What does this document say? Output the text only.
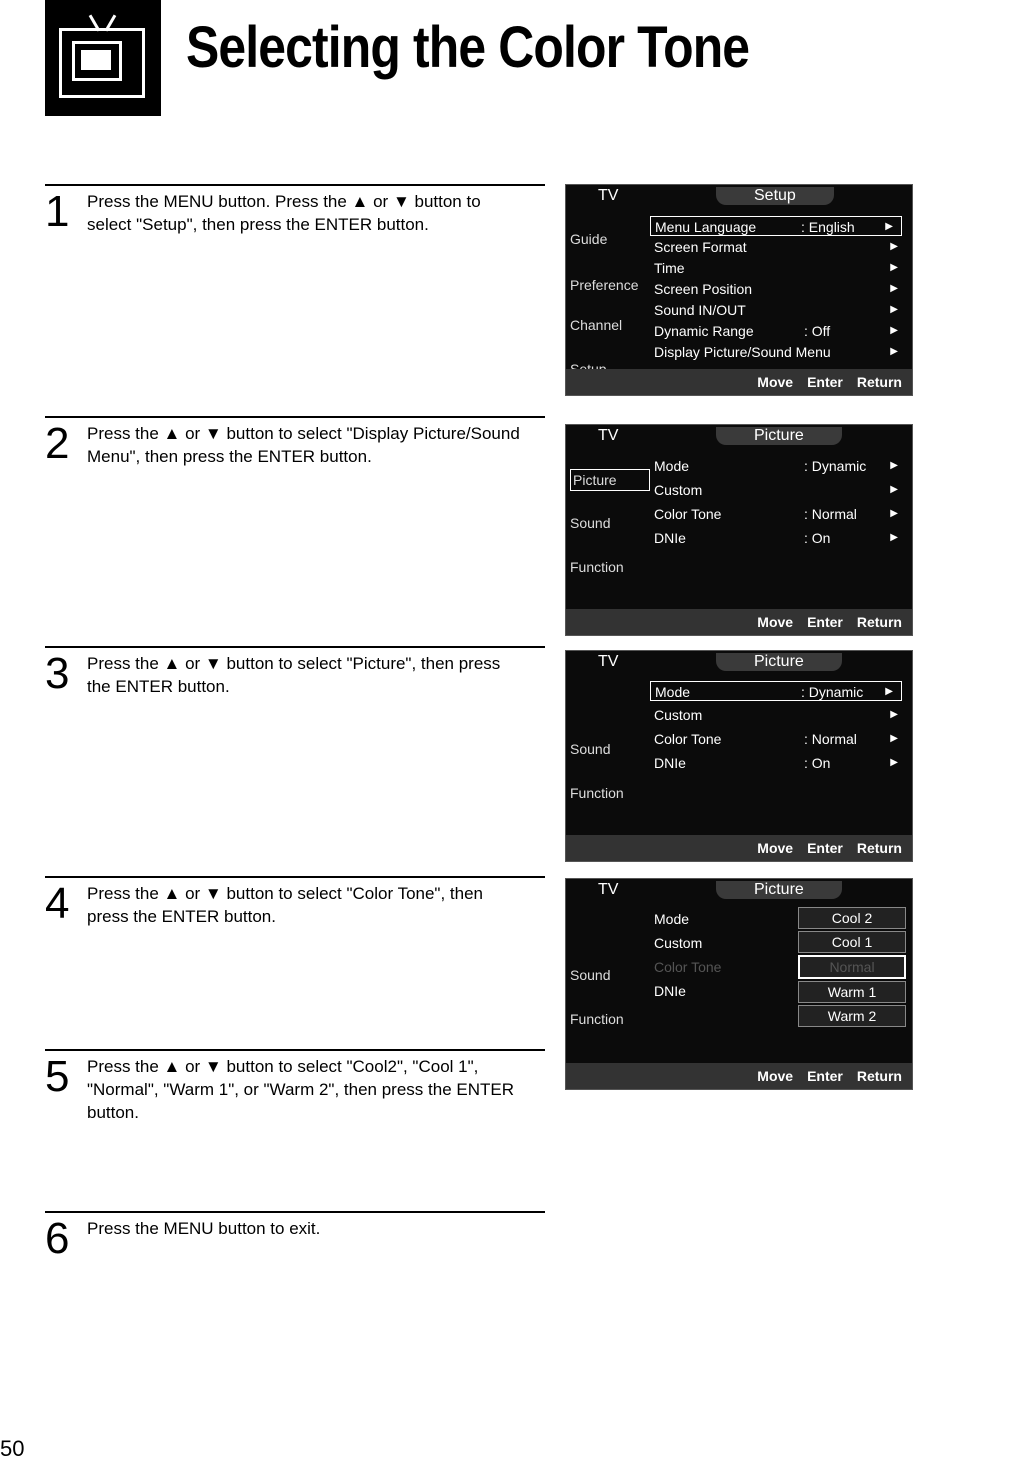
Selecting the Color Tone
1 Press the MENU button. Press the ▲ or ▼ button to select "Setup", then press the ENTER button.
2 Press the ▲ or ▼ button to select "Display Picture/Sound Menu", then press the ENTER button.
3 Press the ▲ or ▼ button to select "Picture", then press the ENTER button.
4 Press the ▲ or ▼ button to select "Color Tone", then press the ENTER button.
5 Press the ▲ or ▼ button to select "Cool2", "Cool 1", "Normal", "Warm 1", or "Warm 2", then press the ENTER button.
6 Press the MENU button to exit.
TV	Setup
Guide
Preference
Channel
Menu Language	: English	▶
Screen Format	▶
Time	▶
Screen Position	▶
Sound IN/OUT	▶
Dynamic Range	: Off	▶
Display Picture/Sound Menu	▶
Move Enter Return
TV	Picture
Picture
Sound
Function
Mode	: Dynamic ▶
Custom	▶
Color Tone	: Normal	▶
DNIe	: On	▶
Move Enter Return
TV	Picture
Sound
Function
Mode	: Dynamic ▶
Custom	▶
Color Tone	: Normal	▶
DNIe	: On	▶
Move Enter Return
TV	Picture
Sound
Function
Mode
Custom
Color Tone
DNIe
Cool 2
Cool 1
Normal
Warm 1
Warm 2
Move Enter Return
50
